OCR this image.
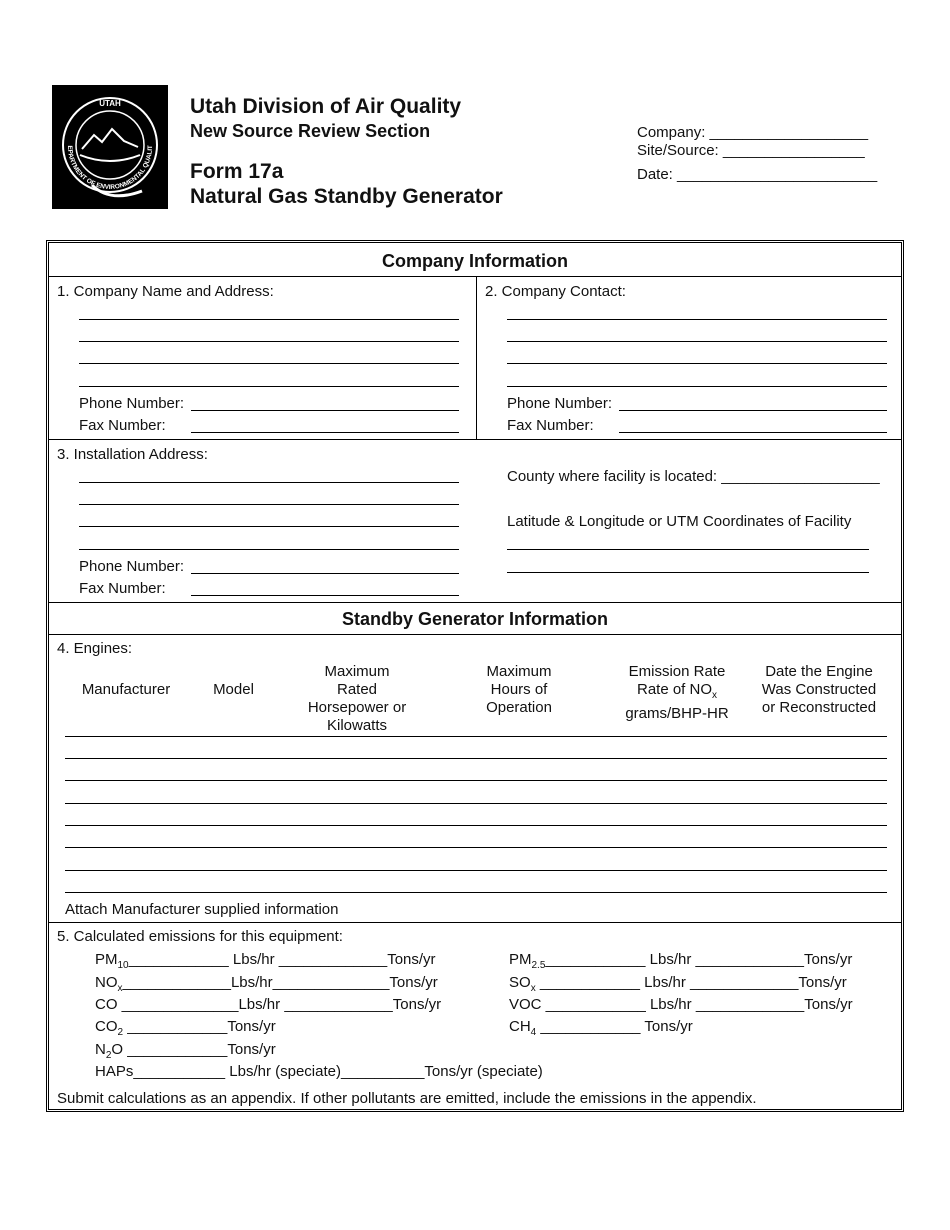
UTAH
EPARTMENT OF ENVIRONMENTAL QUALIT
Utah Division of Air Quality
New Source Review Section
Form 17a
Natural Gas Standby Generator
Company: ___________________
Site/Source: _________________
Date: ________________________
Company Information
1. Company Name and Address:
Phone Number:
Fax Number:
2. Company Contact:
Phone Number:
Fax Number:
3. Installation Address:
Phone Number:
Fax Number:
County where facility is located: ___________________
Latitude & Longitude or UTM Coordinates of Facility
Standby Generator Information
4. Engines:
Manufacturer	Model
Maximum
Rated
Horsepower or Kilowatts
Maximum
Hours of
Operation
Emission Rate
Rate of $NO_x$
grams/BHP-HR
Date the Engine
Was Constructed
or Reconstructed
Attach Manufacturer supplied information
5. Calculated emissions for this equipment:
$PM_{10}\_\_\_\_\_\_\_\_\_\_\_\_$ Lbs/hr _____________Tons/yr
$NO_x\_\_\_\_\_\_\_\_\_\_\_\_\_Lbs/hr\_\_\_\_\_\_\_\_\_\_\_\_\_\_Tons/yr$
CO ______________Lbs/hr _____________Tons/yr
$CO_2$ ____________Tons/yr
$N_2O$ ____________Tons/yr
HAPs___________ Lbs/hr (speciate)__________Tons/yr (speciate)
$PM_{2.5}\_\_\_\_\_\_\_\_\_\_\_\_$ Lbs/hr _____________Tons/yr
$SO_x$ ____________ Lbs/hr _____________Tons/yr
VOC ____________ Lbs/hr _____________Tons/yr
$CH_4$ ____________ Tons/yr
Submit calculations as an appendix. If other pollutants are emitted, include the emissions in the appendix.
